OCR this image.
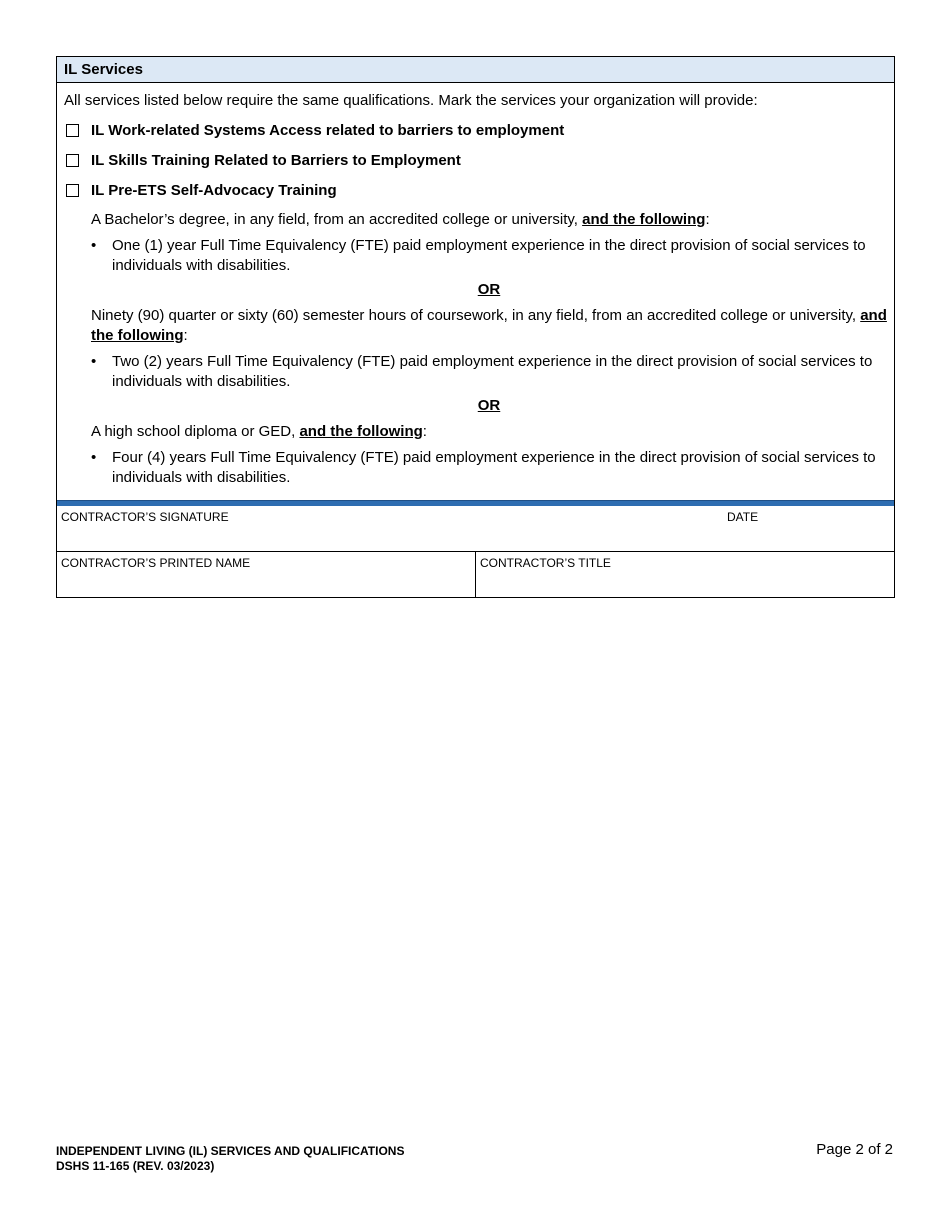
IL Services

All services listed below require the same qualifications. Mark the services your organization will provide:

IL Work-related Systems Access related to barriers to employment
IL Skills Training Related to Barriers to Employment
IL Pre-ETS Self-Advocacy Training

A Bachelor’s degree, in any field, from an accredited college or university, and the following:

•	One (1) year Full Time Equivalency (FTE) paid employment experience in the direct provision of social services to individuals with disabilities.
OR

Ninety (90) quarter or sixty (60) semester hours of coursework, in any field, from an accredited college or university, and the following:

•	Two (2) years Full Time Equivalency (FTE) paid employment experience in the direct provision of social services to individuals with disabilities.
OR

A high school diploma or GED, and the following:

•	Four (4) years Full Time Equivalency (FTE) paid employment experience in the direct provision of social services to individuals with disabilities.
CONTRACTOR’S SIGNATURE	DATE
CONTRACTOR’S PRINTED NAME	CONTRACTOR’S TITLE
INDEPENDENT LIVING (IL) SERVICES AND QUALIFICATIONS
DSHS 11-165 (REV. 03/2023)
Page 2 of 2
